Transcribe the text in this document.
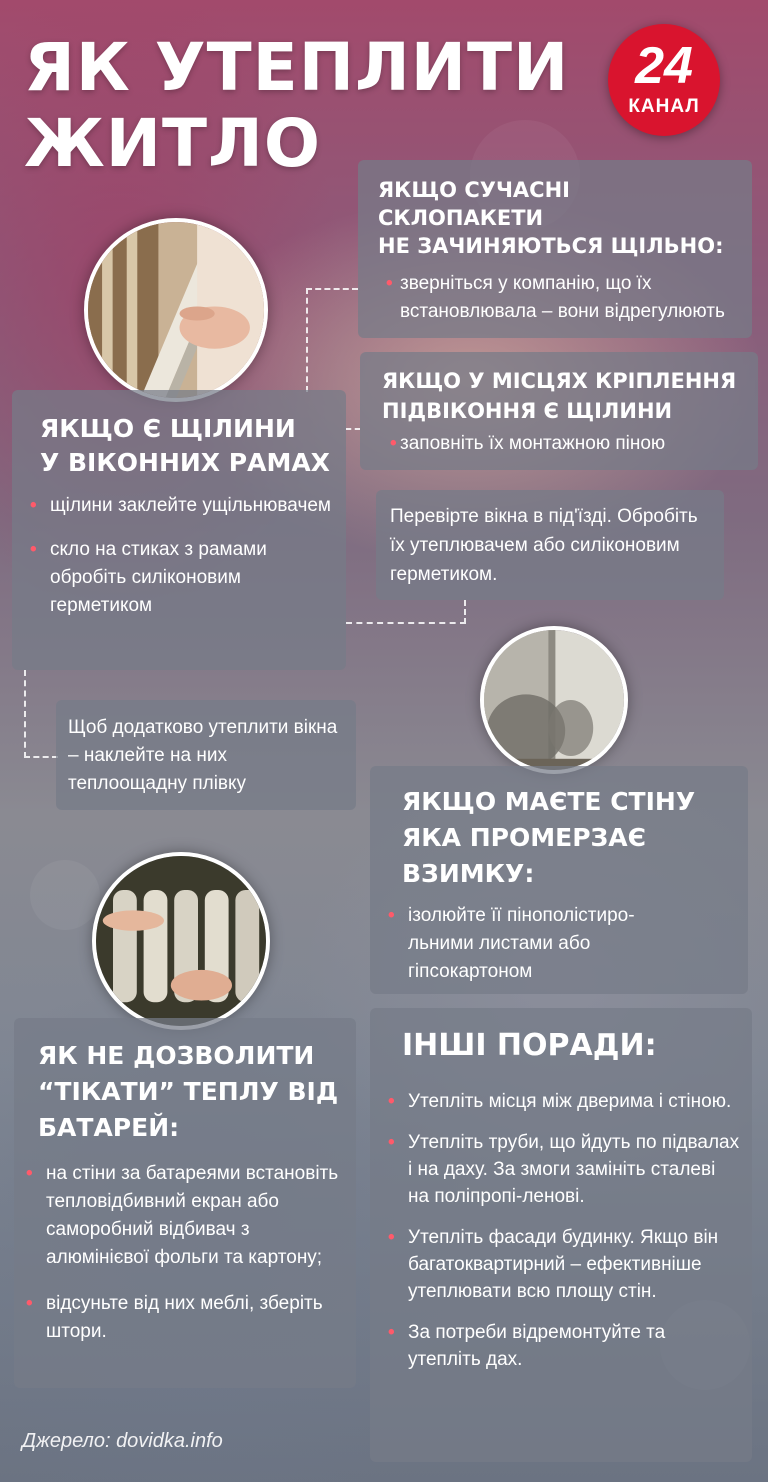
ЯК УТЕПЛИТИ
ЖИТЛО
24
КАНАЛ
ЯКЩО СУЧАСНІ СКЛОПАКЕТИ
НЕ ЗАЧИНЯЮТЬСЯ ЩІЛЬНО:
• зверніться у компанію, що їх встановлювала – вони відрегулюють
ЯКЩО У МІСЦЯХ КРІПЛЕННЯ
ПІДВІКОННЯ Є ЩІЛИНИ
• заповніть їх монтажною піною
Перевірте вікна в під'їзді. Обробіть їх утеплювачем або силіконовим герметиком.
ЯКЩО Є ЩІЛИНИ
У ВІКОННИХ РАМАХ
• щілини заклейте ущільнювачем
• скло на стиках з рамами обробіть силіконовим герметиком
Щоб додатково утеплити вікна – наклейте на них теплоощадну плівку
ЯКЩО МАЄТЕ СТІНУ
ЯКА ПРОМЕРЗАЄ
ВЗИМКУ:
• ізолюйте її пінополістиро-льними листами або гіпсокартоном
ЯК НЕ ДОЗВОЛИТИ
“ТІКАТИ” ТЕПЛУ ВІД
БАТАРЕЙ:
• на стіни за батареями встановіть тепловідбивний екран або саморобний відбивач з алюмінієвої фольги та картону;
• відсуньте від них меблі, зберіть штори.
ІНШІ ПОРАДИ:
• Утепліть місця між дверима і стіною.
• Утепліть труби, що йдуть по підвалах і на даху. За змоги замініть сталеві на поліпропі-ленові.
• Утепліть фасади будинку. Якщо він багатоквартирний – ефективніше утеплювати всю площу стін.
• За потреби відремонтуйте та утепліть дах.
Джерело: dovidka.info
